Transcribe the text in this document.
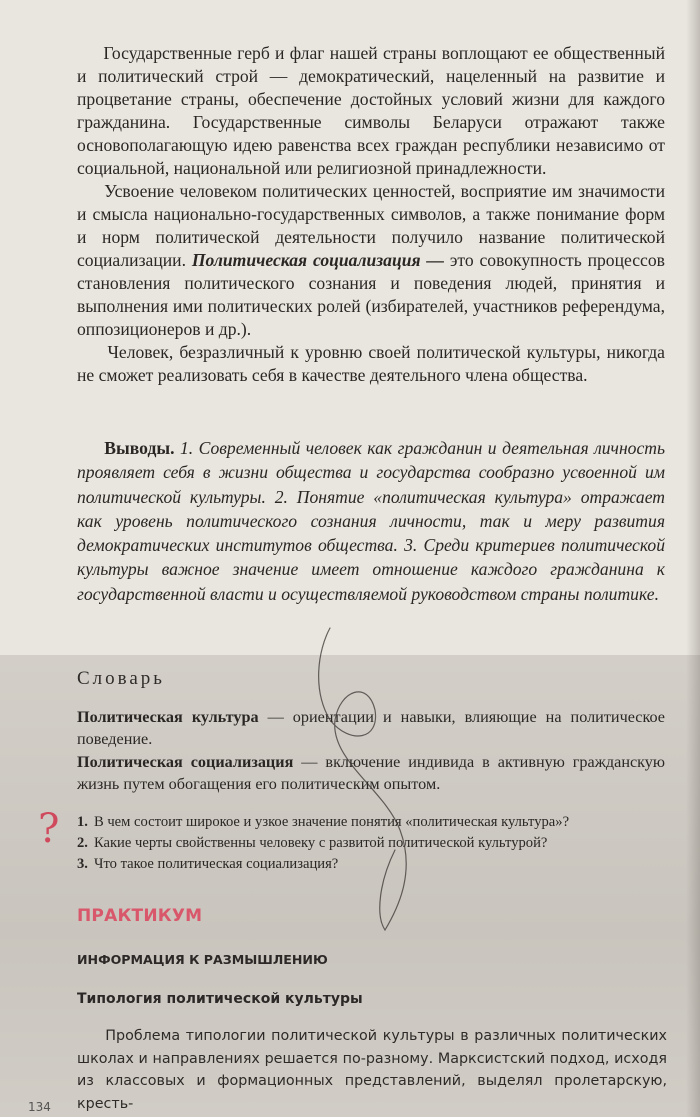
Государственные герб и флаг нашей страны воплощают ее общественный и политический строй — демократический, нацеленный на развитие и процветание страны, обеспечение достойных условий жизни для каждого гражданина. Государственные символы Беларуси отражают также основополагающую идею равенства всех граждан республики независимо от социальной, национальной или религиозной принадлежности.

Усвоение человеком политических ценностей, восприятие им значимости и смысла национально-государственных символов, а также понимание форм и норм политической деятельности получило название политической социализации. Политическая социализация — это совокупность процессов становления политического сознания и поведения людей, принятия и выполнения ими политических ролей (избирателей, участников референдума, оппозиционеров и др.).

Человек, безразличный к уровню своей политической культуры, никогда не сможет реализовать себя в качестве деятельного члена общества.

Выводы. 1. Современный человек как гражданин и деятельная личность проявляет себя в жизни общества и государства сообразно усвоенной им политической культуры. 2. Понятие «политическая культура» отражает как уровень политического сознания личности, так и меру развития демократических институтов общества. 3. Среди критериев политической культуры важное значение имеет отношение каждого гражданина к государственной власти и осуществляемой руководством страны политике.
Словарь

Политическая культура — ориентации и навыки, влияющие на политическое поведение.

Политическая социализация — включение индивида в активную гражданскую жизнь путем обогащения его политическим опытом.

? 1. В чем состоит широкое и узкое значение понятия «политическая культура»?
2. Какие черты свойственны человеку с развитой политической культурой?
3. Что такое политическая социализация?
ПРАКТИКУМ
ИНФОРМАЦИЯ К РАЗМЫШЛЕНИЮ
Типология политической культуры

Проблема типологии политической культуры в различных политических школах и направлениях решается по-разному. Марксистский подход, исходя из классовых и формационных представлений, выделял пролетарскую, кресть-

134
